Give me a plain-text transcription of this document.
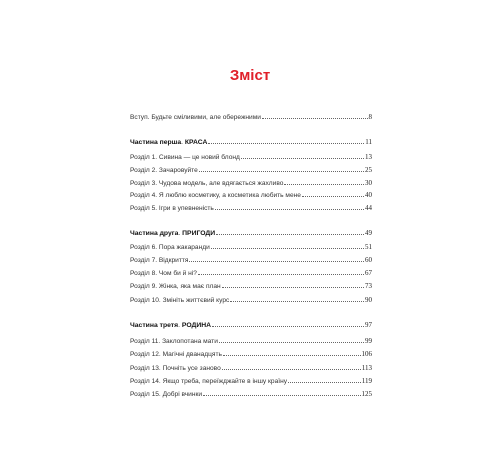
Зміст
Вступ. Будьте сміливими, але обережними	8
Частина перша. КРАСА	11
Розділ 1. Сивина — це новий блонд	13
Розділ 2. Зачаровуйте	25
Розділ 3. Чудова модель, але вдягається жахливо	30
Розділ 4. Я люблю косметику, а косметика любить мене	40
Розділ 5. Ігри в упевненість	44
Частина друга. ПРИГОДИ	49
Розділ 6. Пора жакаранди	51
Розділ 7. Відкриття	60
Розділ 8. Чом би й ні?	67
Розділ 9. Жінка, яка має план	73
Розділ 10. Змініть життєвий курс	90
Частина третя. РОДИНА	97
Розділ 11. Заклопотана мати	99
Розділ 12. Магічні дванадцять	106
Розділ 13. Почніть усе заново	113
Розділ 14. Якщо треба, переїжджайте в іншу країну	119
Розділ 15. Добрі вчинки	125
